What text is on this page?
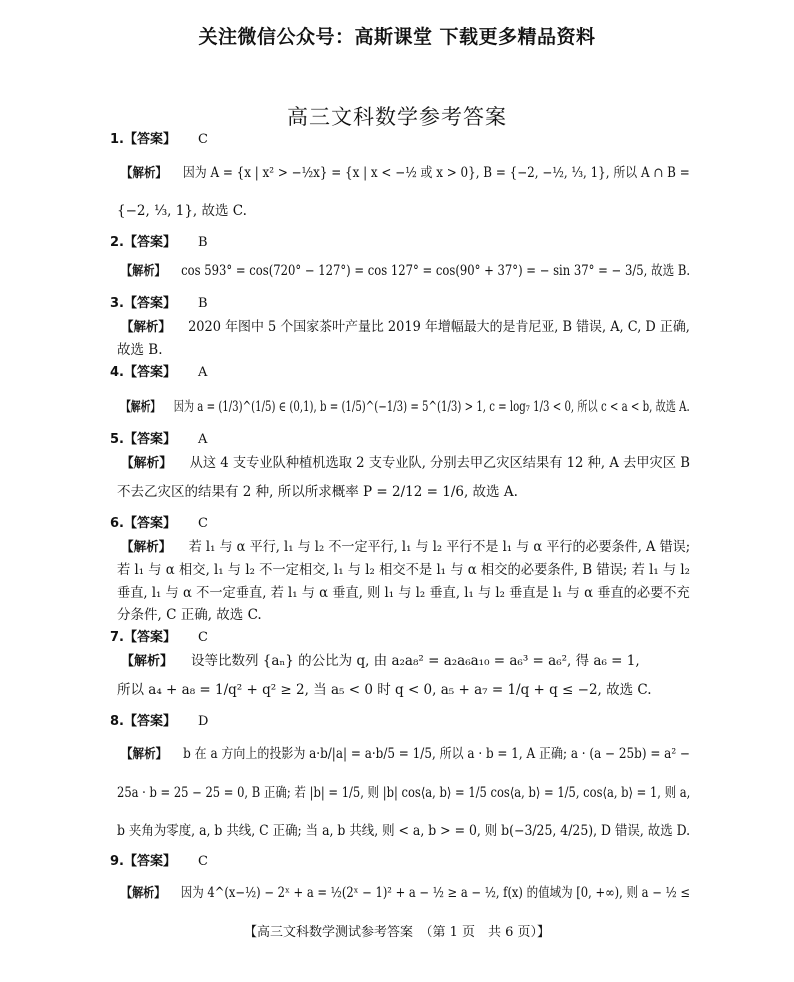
关注微信公众号：高斯课堂 下载更多精品资料
高三文科数学参考答案
1.【答案】 C
【解析】 因为 A = {x | x² > −½x} = {x | x < −½ 或 x > 0}, B = {−2, −½, ⅓, 1}, 所以 A ∩ B =
{−2, ⅓, 1}, 故选 C.
2.【答案】 B
【解析】 cos 593° = cos(720° − 127°) = cos 127° = cos(90° + 37°) = − sin 37° = − 3/5, 故选 B.
3.【答案】 B
【解析】 2020 年图中 5 个国家茶叶产量比 2019 年增幅最大的是肯尼亚, B 错误, A, C, D 正确,
故选 B.
4.【答案】 A
【解析】 因为 a = (1/3)^(1/5) ∈ (0,1), b = (1/5)^(−1/3) = 5^(1/3) > 1, c = log₇ 1/3 < 0, 所以 c < a < b, 故选 A.
5.【答案】 A
【解析】 从这 4 支专业队种植机选取 2 支专业队, 分别去甲乙灾区结果有 12 种, A 去甲灾区 B
不去乙灾区的结果有 2 种, 所以所求概率 P = 2/12 = 1/6, 故选 A.
6.【答案】 C
【解析】 若 l₁ 与 α 平行, l₁ 与 l₂ 不一定平行, l₁ 与 l₂ 平行不是 l₁ 与 α 平行的必要条件, A 错误;
若 l₁ 与 α 相交, l₁ 与 l₂ 不一定相交, l₁ 与 l₂ 相交不是 l₁ 与 α 相交的必要条件, B 错误; 若 l₁ 与 l₂
垂直, l₁ 与 α 不一定垂直, 若 l₁ 与 α 垂直, 则 l₁ 与 l₂ 垂直, l₁ 与 l₂ 垂直是 l₁ 与 α 垂直的必要不充
分条件, C 正确, 故选 C.
7.【答案】 C
【解析】 设等比数列 {aₙ} 的公比为 q, 由 a₂a₈² = a₂a₆a₁₀ = a₆³ = a₆², 得 a₆ = 1,
所以 a₄ + a₈ = 1/q² + q² ≥ 2, 当 a₅ < 0 时 q < 0, a₅ + a₇ = 1/q + q ≤ −2, 故选 C.
8.【答案】 D
【解析】 b 在 a 方向上的投影为 a·b/|a| = a·b/5 = 1/5, 所以 a · b = 1, A 正确; a · (a − 25b) = a² −
25a · b = 25 − 25 = 0, B 正确; 若 |b| = 1/5, 则 |b| cos⟨a, b⟩ = 1/5 cos⟨a, b⟩ = 1/5, cos⟨a, b⟩ = 1, 则 a,
b 夹角为零度, a, b 共线, C 正确; 当 a, b 共线, 则 < a, b > = 0, 则 b(−3/25, 4/25), D 错误, 故选 D.
9.【答案】 C
【解析】 因为 4^(x−½) − 2ˣ + a = ½(2ˣ − 1)² + a − ½ ≥ a − ½, f(x) 的值域为 [0, +∞), 则 a − ½ ≤
【高三文科数学测试参考答案　（第 1 页　共 6 页）】
